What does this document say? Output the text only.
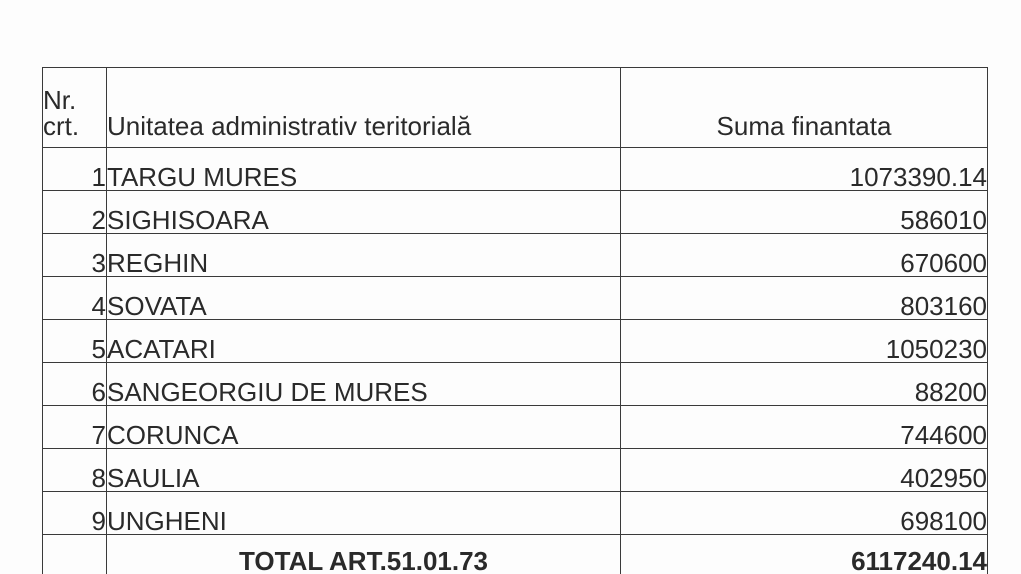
Nr.
crt.	Unitatea administrativ teritorială	Suma finantata
1	TARGU MURES	1073390.14
2	SIGHISOARA	586010
3	REGHIN	670600
4	SOVATA	803160
5	ACATARI	1050230
6	SANGEORGIU DE MURES	88200
7	CORUNCA	744600
8	SAULIA	402950
9	UNGHENI	698100
	TOTAL ART.51.01.73	6117240.14
